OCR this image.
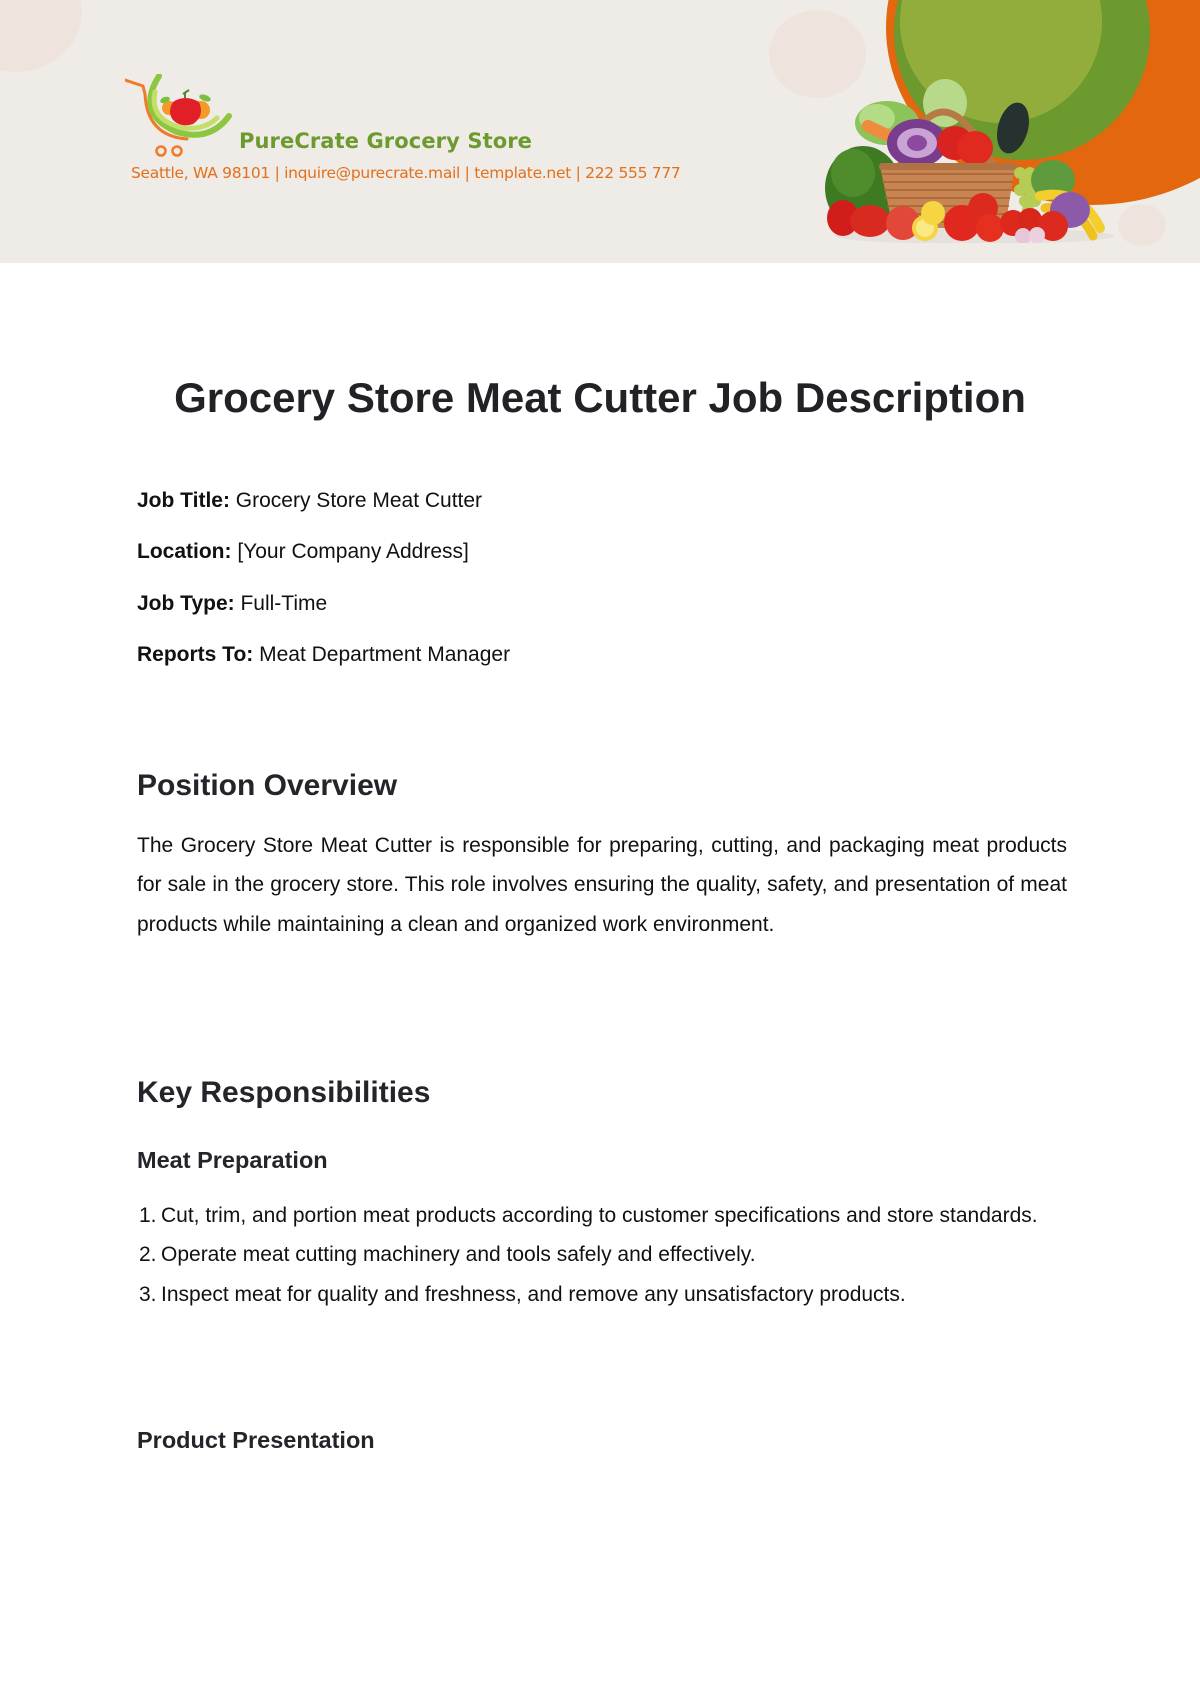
PureCrate Grocery Store
Seattle, WA 98101 | inquire@purecrate.mail | template.net | 222 555 777
Grocery Store Meat Cutter Job Description
Job Title: Grocery Store Meat Cutter
Location: [Your Company Address]
Job Type: Full-Time
Reports To: Meat Department Manager
Position Overview

The Grocery Store Meat Cutter is responsible for preparing, cutting, and packaging meat products for sale in the grocery store. This role involves ensuring the quality, safety, and presentation of meat products while maintaining a clean and organized work environment.

Key Responsibilities
Meat Preparation
1. Cut, trim, and portion meat products according to customer specifications and store standards.
2. Operate meat cutting machinery and tools safely and effectively.
3. Inspect meat for quality and freshness, and remove any unsatisfactory products.
Product Presentation
